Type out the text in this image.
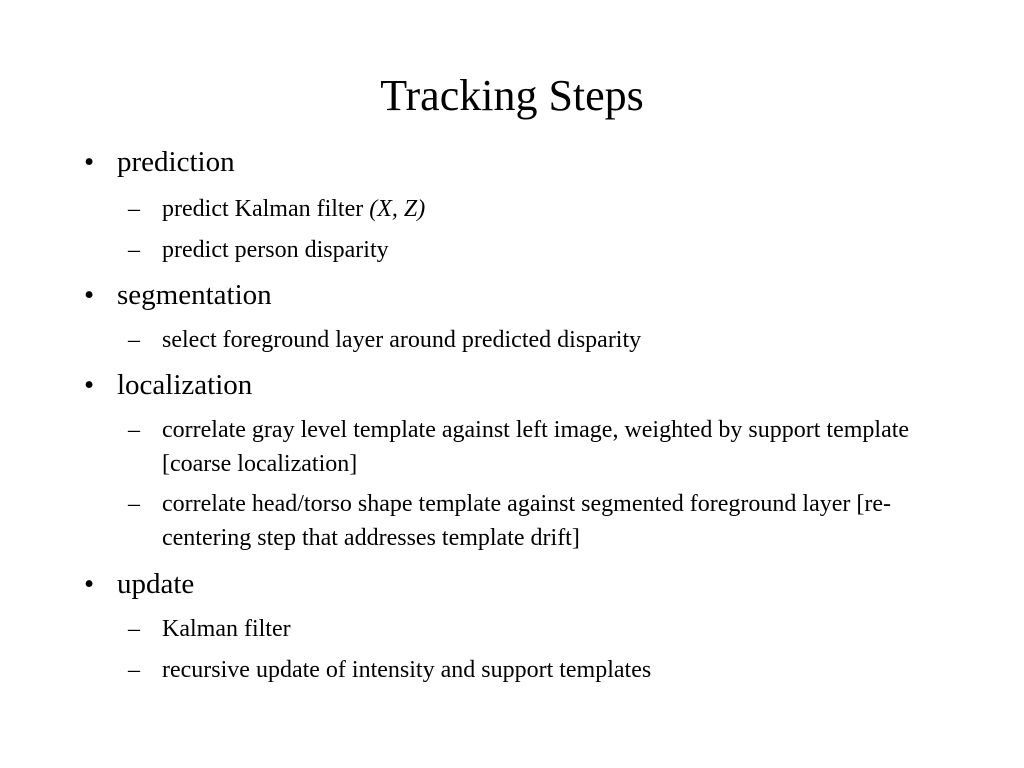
Tracking Steps
• prediction
– predict Kalman filter (X, Z)
– predict person disparity
• segmentation
– select foreground layer around predicted disparity
• localization
– correlate gray level template against left image, weighted by support template [coarse localization]
– correlate head/torso shape template against segmented foreground layer [re-centering step that addresses template drift]
• update
– Kalman filter
– recursive update of intensity and support templates
